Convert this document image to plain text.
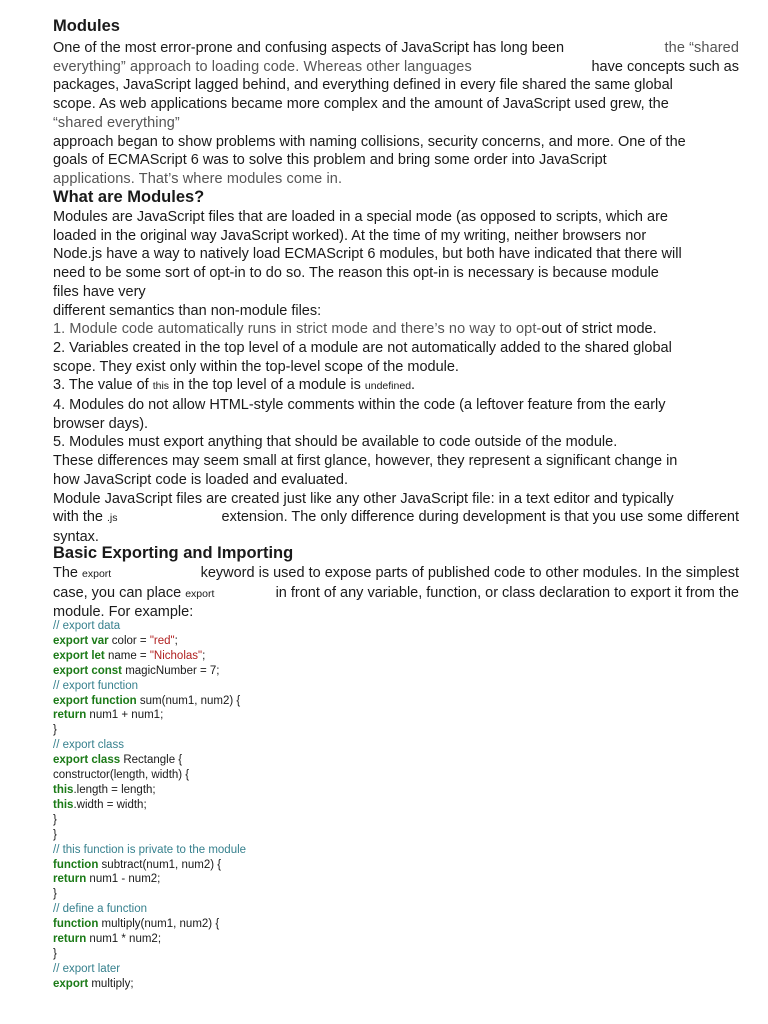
Modules
One of the most error-prone and confusing aspects of JavaScript has long been	the “shared
everything” approach to loading code. Whereas other languages	have concepts such as
packages, JavaScript lagged behind, and everything defined in every file shared the same global
scope. As web applications became more complex and the amount of JavaScript used grew, the
“shared everything”
approach began to show problems with naming collisions, security concerns, and more. One of the
goals of ECMAScript 6 was to solve this problem and bring some order into JavaScript
applications. That’s where modules come in.
What are Modules?
Modules are JavaScript files that are loaded in a special mode (as opposed to scripts, which are
loaded in the original way JavaScript worked). At the time of my writing, neither browsers nor
Node.js have a way to natively load ECMAScript 6 modules, but both have indicated that there will
need to be some sort of opt-in to do so. The reason this opt-in is necessary is because module
files have very
different semantics than non-module files:
1. Module code automatically runs in strict mode and there’s no way to opt-out of strict mode.
2. Variables created in the top level of a module are not automatically added to the shared global
scope. They exist only within the top-level scope of the module.
3. The value of this in the top level of a module is undefined.
4. Modules do not allow HTML-style comments within the code (a leftover feature from the early
browser days).
5. Modules must export anything that should be available to code outside of the module.
These differences may seem small at first glance, however, they represent a significant change in
how JavaScript code is loaded and evaluated.
Module JavaScript files are created just like any other JavaScript file: in a text editor and typically
with the .js	extension. The only difference during development is that you use some different
syntax.
Basic Exporting and Importing
The export	keyword is used to expose parts of published code to other modules. In the simplest
case, you can place export	in front of any variable, function, or class declaration to export it from the
module. For example:
// export data
export var color = "red";
export let name = "Nicholas";
export const magicNumber = 7;
// export function
export function sum(num1, num2) {
return num1 + num1;
}
// export class
export class Rectangle {
constructor(length, width) {
this.length = length;
this.width = width;
}
}
// this function is private to the module
function subtract(num1, num2) {
return num1 - num2;
}
// define a function
function multiply(num1, num2) {
return num1 * num2;
}
// export later
export multiply;
